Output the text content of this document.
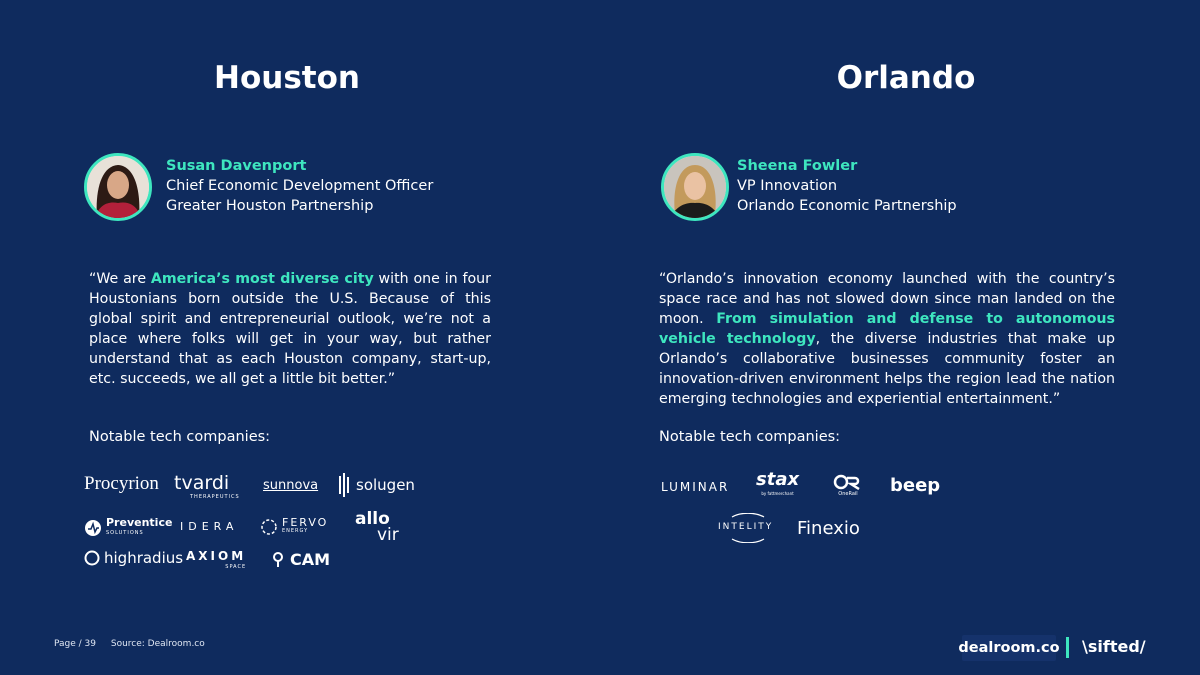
Houston	Orlando
Susan Davenport
Chief Economic Development Officer
Greater Houston Partnership
Sheena Fowler
VP Innovation
Orlando Economic Partnership

“We are America’s most diverse city with one in four Houstonians born outside the U.S. Because of this global spirit and entrepreneurial outlook, we’re not a place where folks will get in your way, but rather understand that as each Houston company, start-up, etc. succeeds, we all get a little bit better.”

“Orlando’s innovation economy launched with the country’s space race and has not slowed down since man landed on the moon. From simulation and defense to autonomous vehicle technology, the diverse industries that make up Orlando’s collaborative businesses community foster an innovation-driven environment helps the region lead the nation emerging technologies and experiential entertainment.”

Notable tech companies:	Notable tech companies:

Procyrion tvardi
THERAPEUTICS
sunnova	solugen
Preventice
SOLUTIONS	IDERA	FERVO
ENERGY
allo
vir
highradius AXIOM
SPACE	CAM
LUMINAR stax
by fattmerchant	OneRail beep
INTELITY Finexio
Page / 39 Source: Dealroom.co	dealroom.co \sifted/
